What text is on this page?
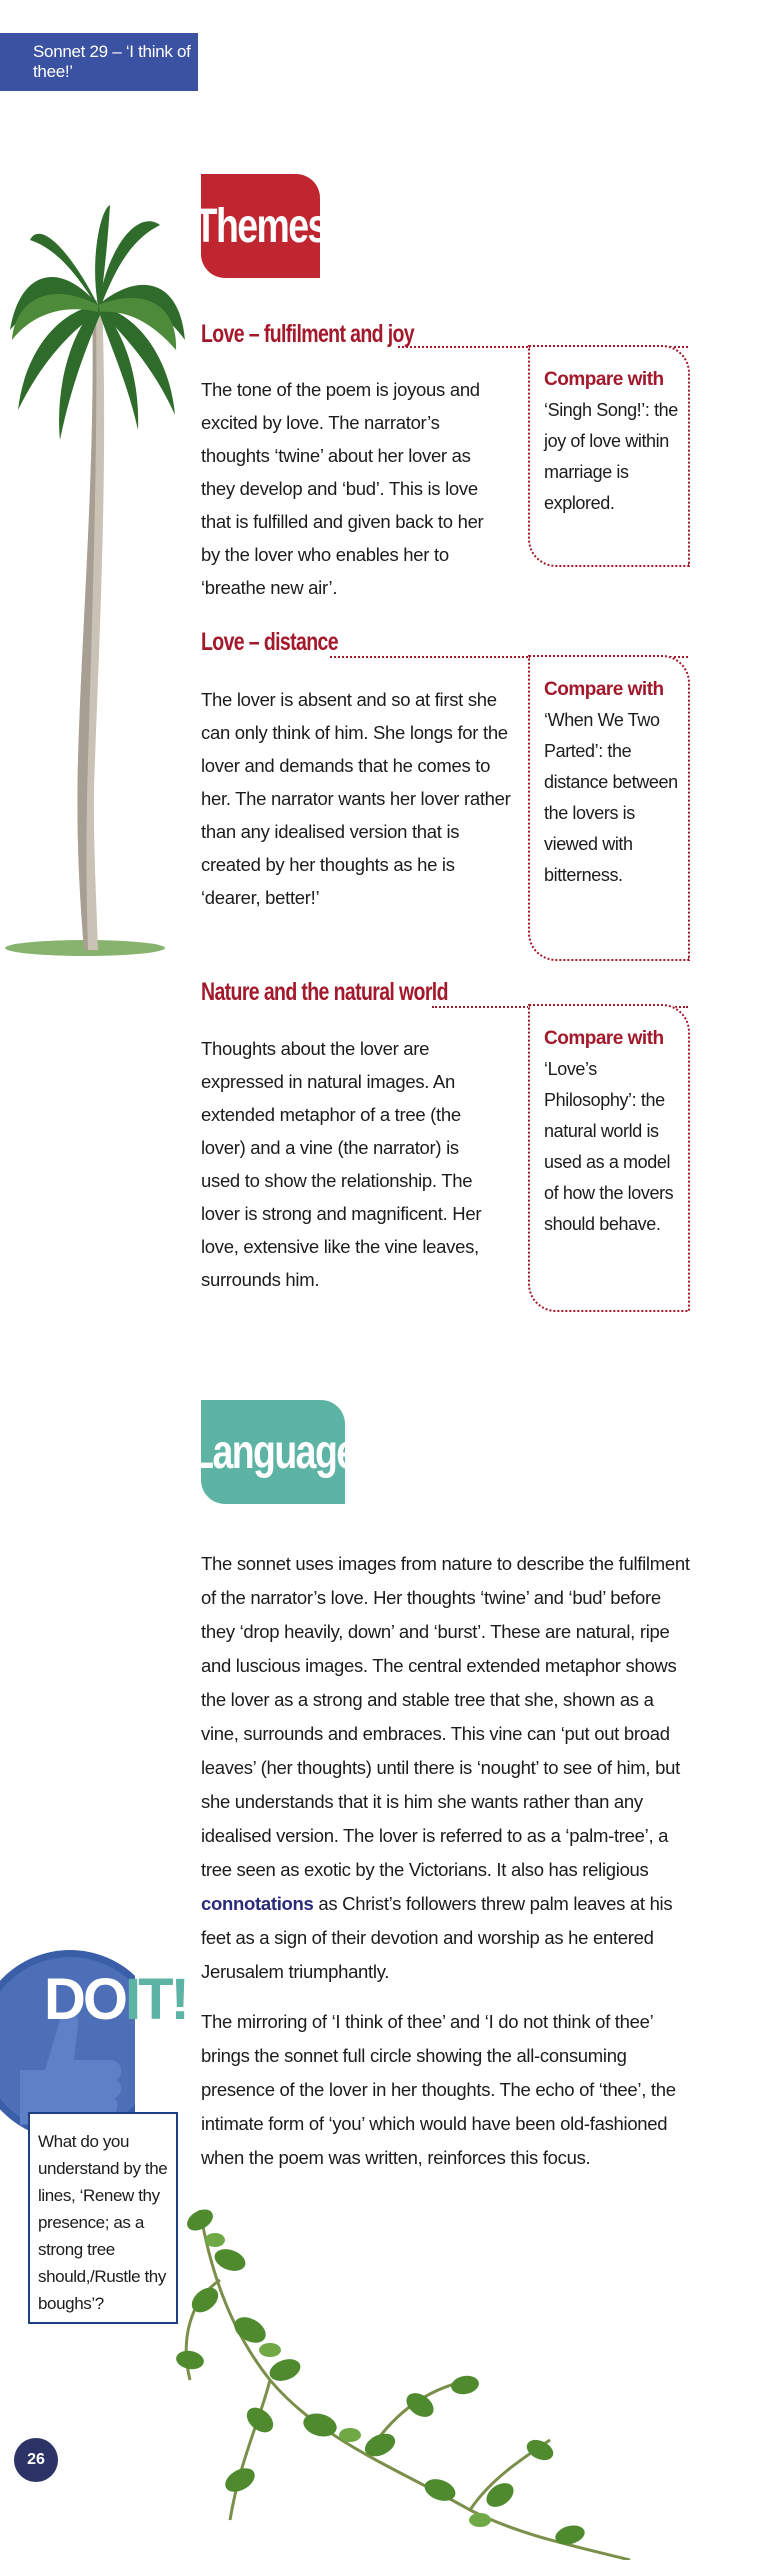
Sonnet 29 – ‘I think of thee!’
Themes
Love – fulfilment and joy

The tone of the poem is joyous and excited by love. The narrator’s thoughts ‘twine’ about her lover as they develop and ‘bud’. This is love that is fulfilled and given back to her by the lover who enables her to ‘breathe new air’.

Compare with
‘Singh Song!’: the joy of love within marriage is explored.
Love – distance

The lover is absent and so at first she can only think of him. She longs for the lover and demands that he comes to her. The narrator wants her lover rather than any idealised version that is created by her thoughts as he is ‘dearer, better!’

Compare with
‘When We Two Parted’: the distance between the lovers is viewed with bitterness.
Nature and the natural world

Thoughts about the lover are expressed in natural images. An extended metaphor of a tree (the lover) and a vine (the narrator) is used to show the relationship. The lover is strong and magnificent. Her love, extensive like the vine leaves, surrounds him.

Compare with
‘Love’s Philosophy’: the natural world is used as a model of how the lovers should behave.
Language

The sonnet uses images from nature to describe the fulfilment of the narrator’s love. Her thoughts ‘twine’ and ‘bud’ before they ‘drop heavily, down’ and ‘burst’. These are natural, ripe and luscious images. The central extended metaphor shows the lover as a strong and stable tree that she, shown as a vine, surrounds and embraces. This vine can ‘put out broad leaves’ (her thoughts) until there is ‘nought’ to see of him, but she understands that it is him she wants rather than any idealised version. The lover is referred to as a ‘palm-tree’, a tree seen as exotic by the Victorians. It also has religious connotations as Christ’s followers threw palm leaves at his feet as a sign of their devotion and worship as he entered Jerusalem triumphantly.

The mirroring of ‘I think of thee’ and ‘I do not think of thee’ brings the sonnet full circle showing the all-consuming presence of the lover in her thoughts. The echo of ‘thee’, the intimate form of ‘you’ which would have been old-fashioned when the poem was written, reinforces this focus.

DOIT!
What do you understand by the lines, ‘Renew thy presence; as a strong tree should,/Rustle thy boughs’?
26
